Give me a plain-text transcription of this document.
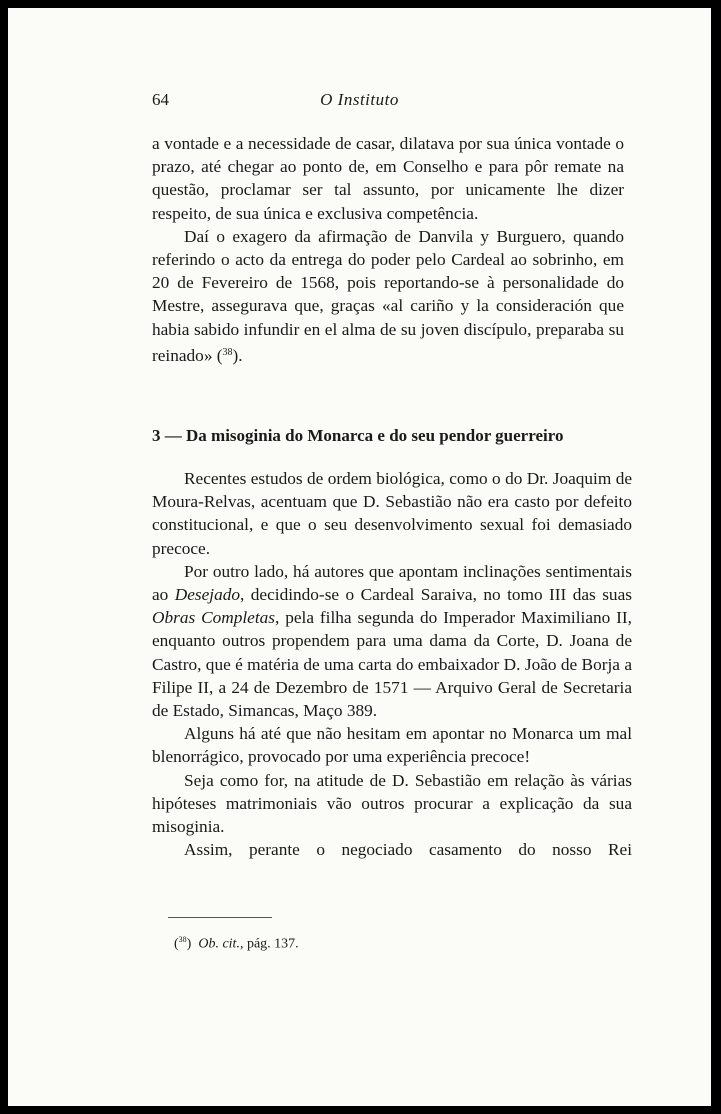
64	O Instituto

a vontade e a necessidade de casar, dilatava por sua única vontade o prazo, até chegar ao ponto de, em Conselho e para pôr remate na questão, proclamar ser tal assunto, por unicamente lhe dizer respeito, de sua única e exclusiva competência.

Daí o exagero da afirmação de Danvila y Burguero, quando referindo o acto da entrega do poder pelo Cardeal ao sobrinho, em 20 de Fevereiro de 1568, pois reportando-se à personalidade do Mestre, assegurava que, graças «al cariño y la consideración que habia sabido infundir en el alma de su joven discípulo, preparaba su reinado» ($^{38}$).

3 — Da misoginia do Monarca e do seu pendor guerreiro

Recentes estudos de ordem biológica, como o do Dr. Joaquim de Moura-Relvas, acentuam que D. Sebastião não era casto por defeito constitucional, e que o seu desenvolvimento sexual foi demasiado precoce.

Por outro lado, há autores que apontam inclinações sentimentais ao Desejado, decidindo-se o Cardeal Saraiva, no tomo III das suas Obras Completas, pela filha segunda do Imperador Maximiliano II, enquanto outros propendem para uma dama da Corte, D. Joana de Castro, que é matéria de uma carta do embaixador D. João de Borja a Filipe II, a 24 de Dezembro de 1571 — Arquivo Geral de Secretaria de Estado, Simancas, Maço 389.

Alguns há até que não hesitam em apontar no Monarca um mal blenorrágico, provocado por uma experiência precoce!

Seja como for, na atitude de D. Sebastião em relação às várias hipóteses matrimoniais vão outros procurar a explicação da sua misoginia.

Assim, perante o negociado casamento do nosso Rei

($^{38}$) Ob. cit., pág. 137.
